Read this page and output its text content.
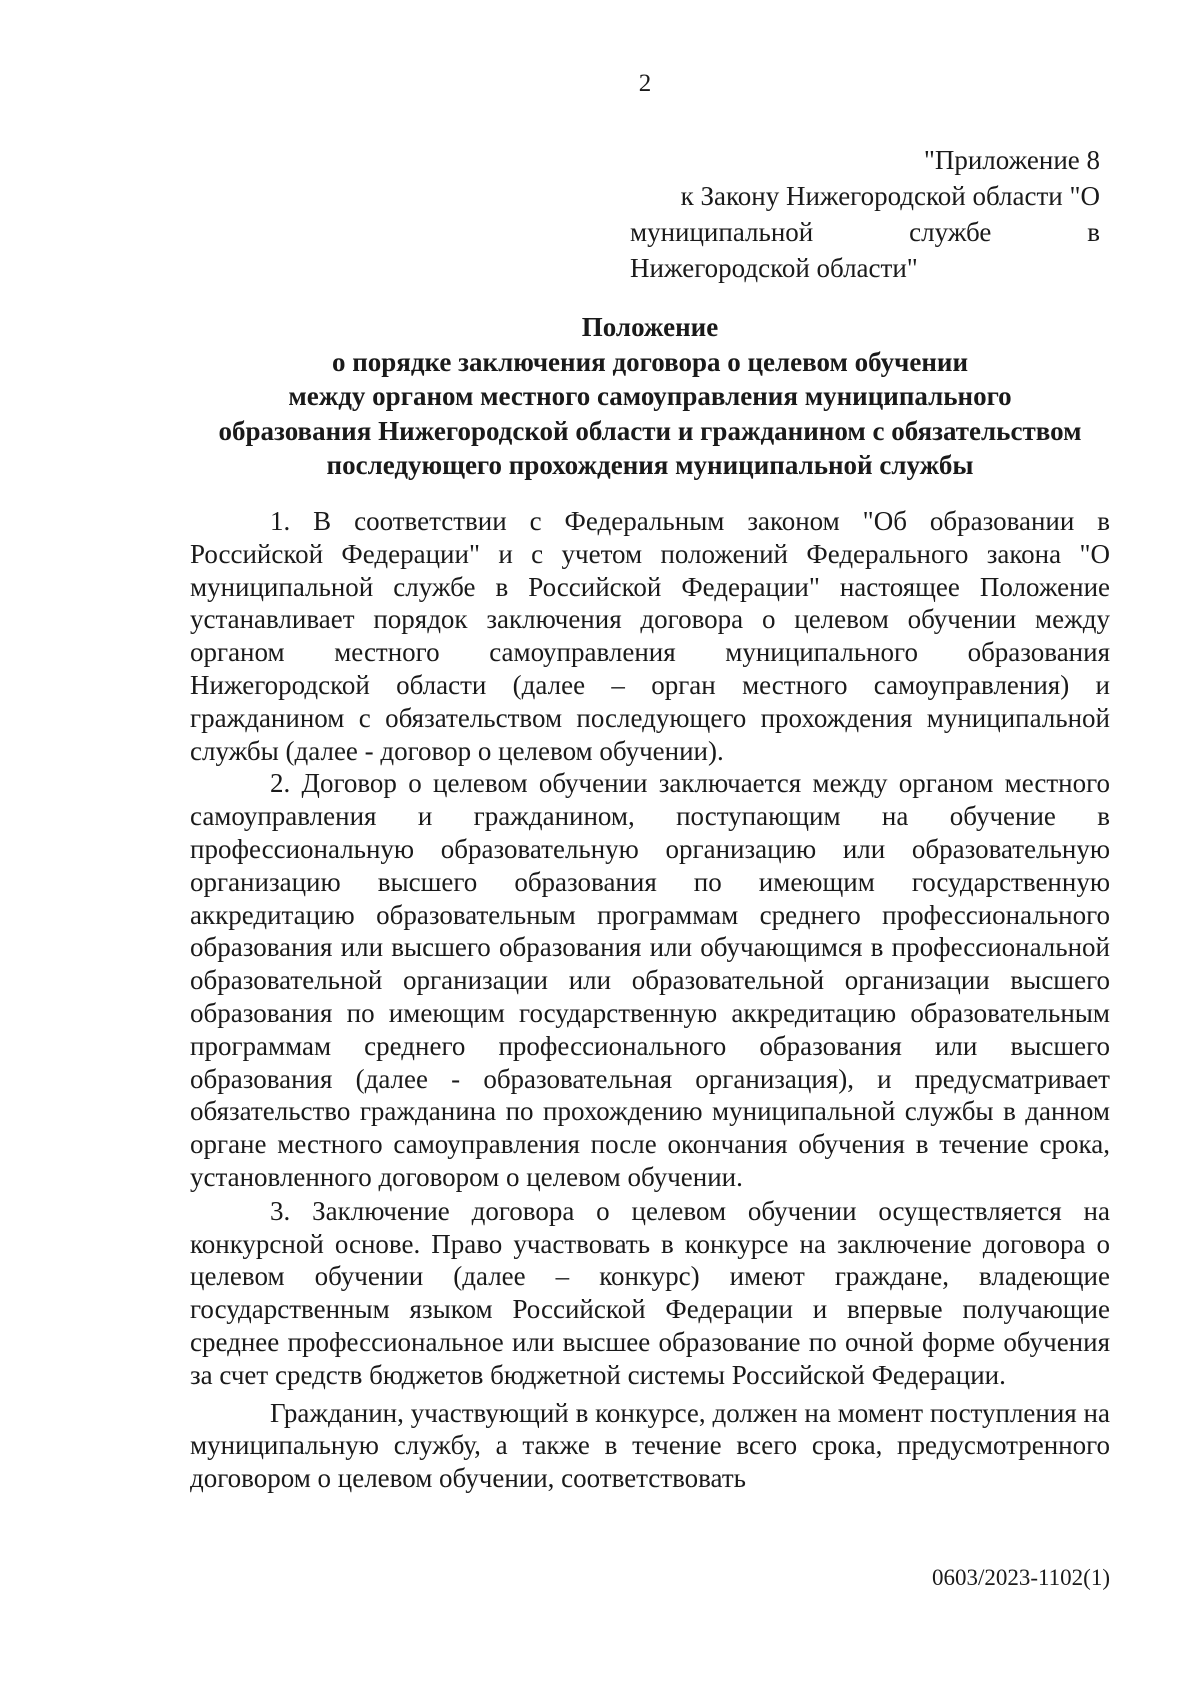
2
"Приложение 8
к Закону Нижегородской области "О
муниципальной службе в
Нижегородской области"
Положение
о порядке заключения договора о целевом обучении
между органом местного самоуправления муниципального
образования Нижегородской области и гражданином с обязательством
последующего прохождения муниципальной службы

1. В соответствии с Федеральным законом "Об образовании в Российской Федерации" и с учетом положений Федерального закона "О муниципальной службе в Российской Федерации" настоящее Положение устанавливает порядок заключения договора о целевом обучении между органом местного самоуправления муниципального образования Нижегородской области (далее – орган местного самоуправления) и гражданином с обязательством последующего прохождения муниципальной службы (далее - договор о целевом обучении).

2. Договор о целевом обучении заключается между органом местного самоуправления и гражданином, поступающим на обучение в профессиональную образовательную организацию или образовательную организацию высшего образования по имеющим государственную аккредитацию образовательным программам среднего профессионального образования или высшего образования или обучающимся в профессиональной образовательной организации или образовательной организации высшего образования по имеющим государственную аккредитацию образовательным программам среднего профессионального образования или высшего образования (далее - образовательная организация), и предусматривает обязательство гражданина по прохождению муниципальной службы в данном органе местного самоуправления после окончания обучения в течение срока, установленного договором о целевом обучении.

3. Заключение договора о целевом обучении осуществляется на конкурсной основе. Право участвовать в конкурсе на заключение договора о целевом обучении (далее – конкурс) имеют граждане, владеющие государственным языком Российской Федерации и впервые получающие среднее профессиональное или высшее образование по очной форме обучения за счет средств бюджетов бюджетной системы Российской Федерации.

Гражданин, участвующий в конкурсе, должен на момент поступления на муниципальную службу, а также в течение всего срока, предусмотренного договором о целевом обучении, соответствовать

0603/2023-1102(1)
